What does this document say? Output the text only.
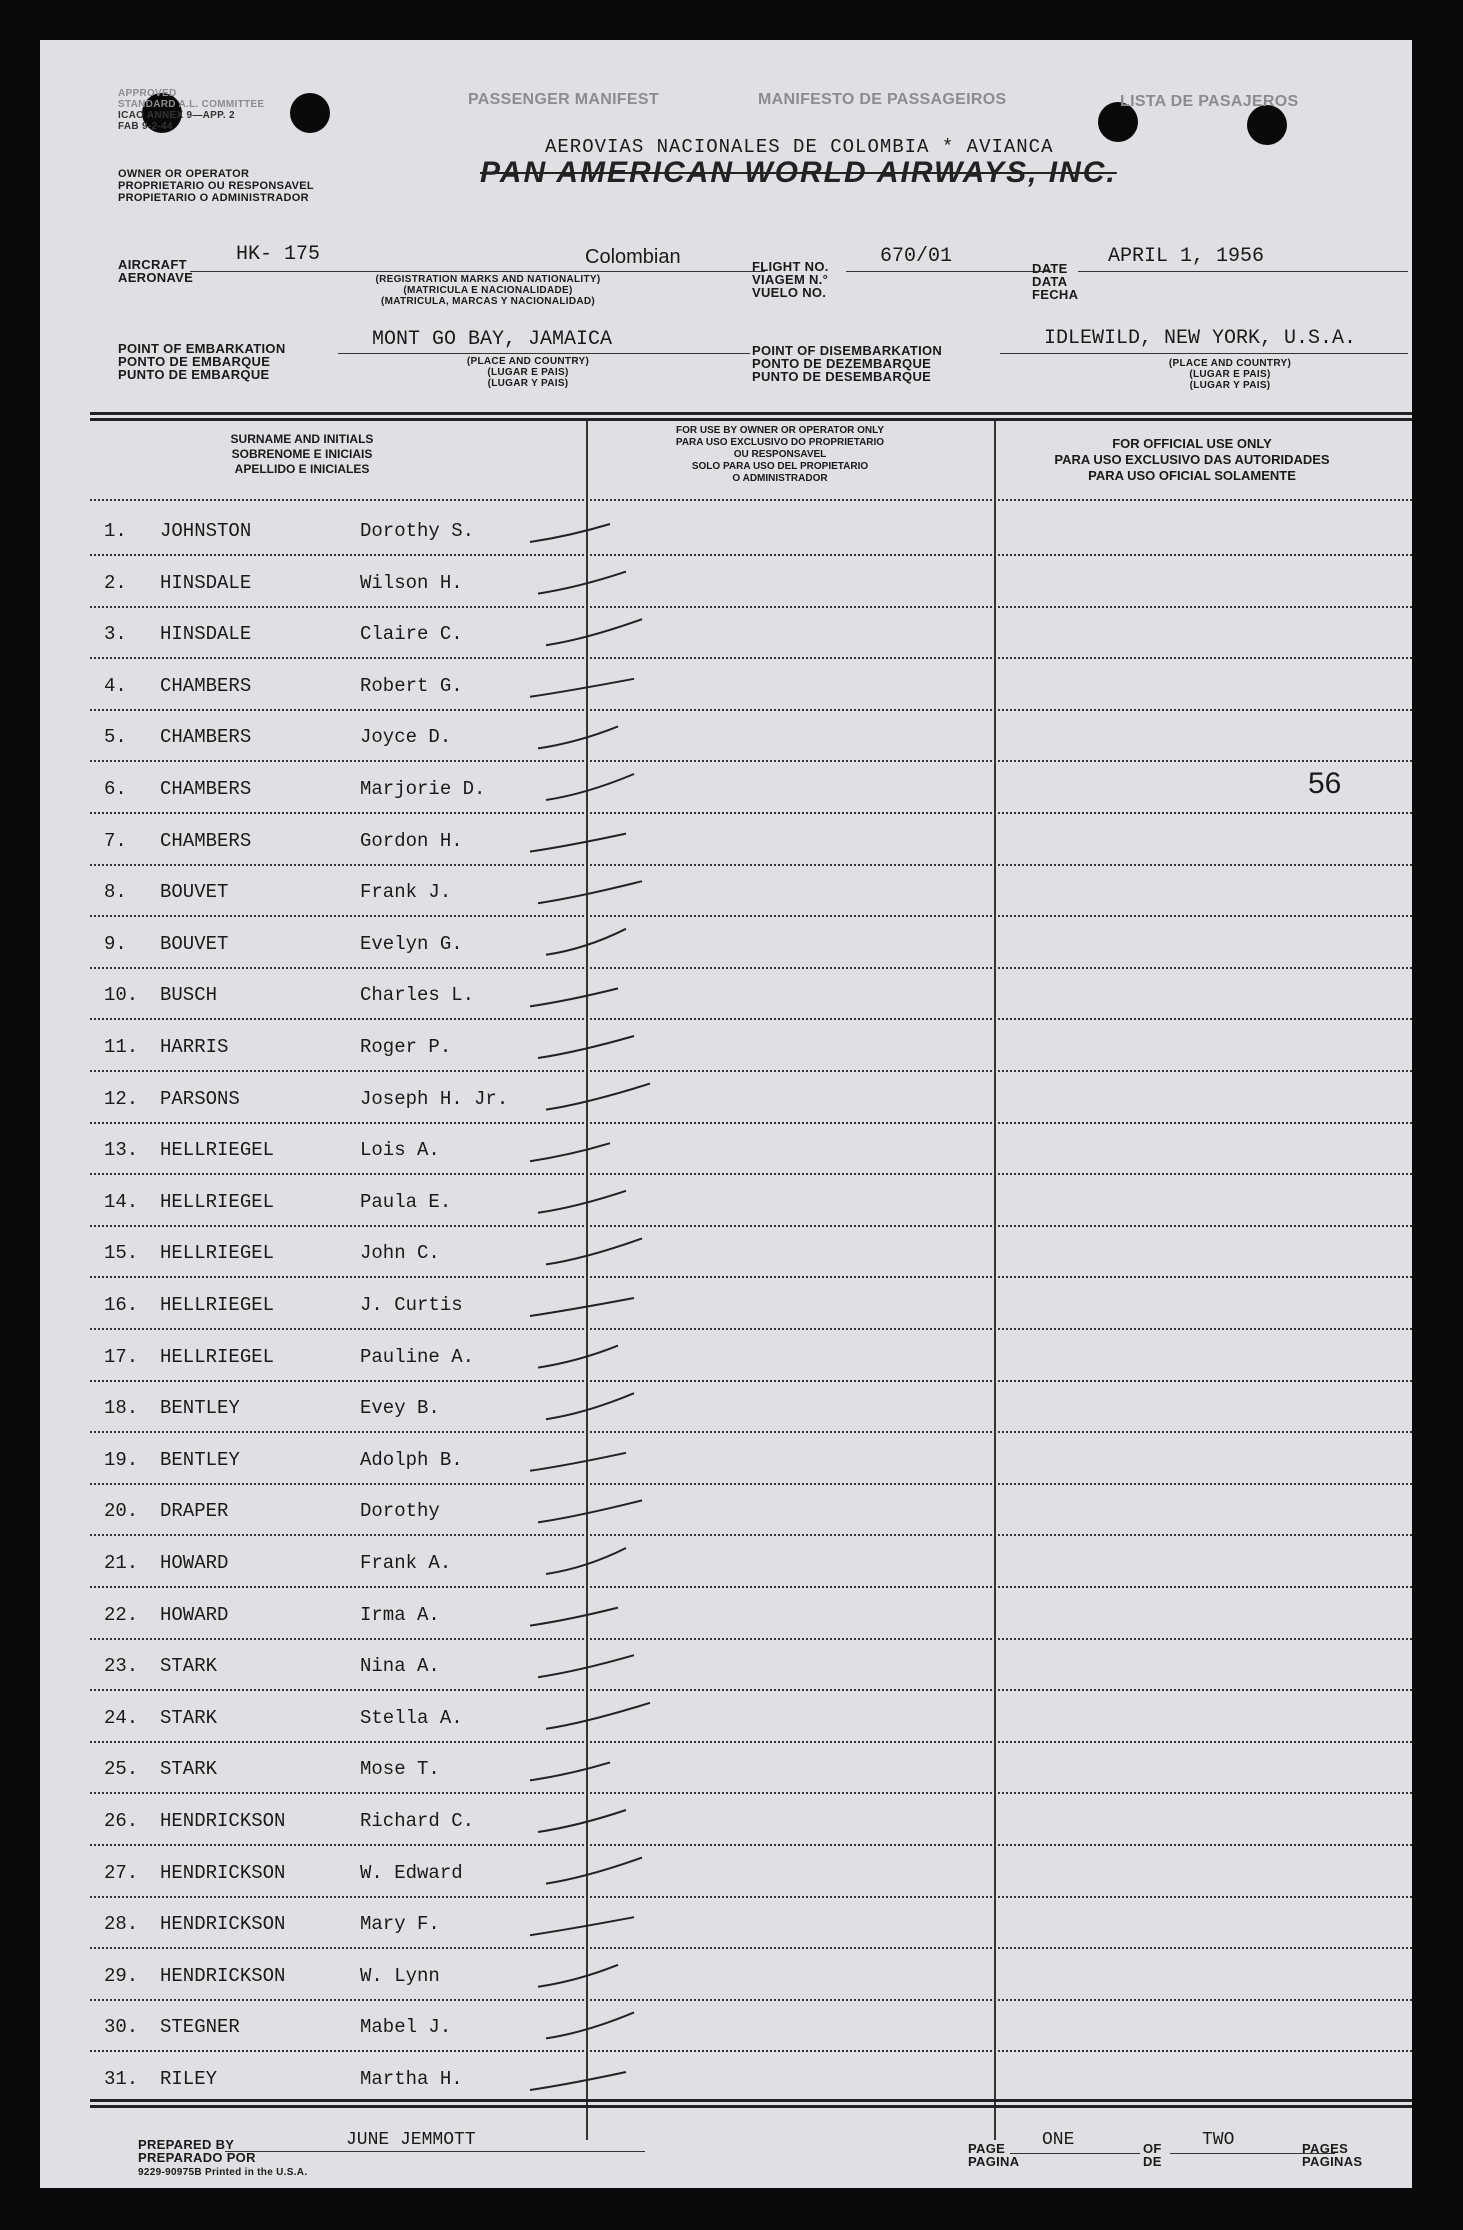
APPROVED
STANDARD A.L. COMMITTEE
ICAO ANNEX 9—APP. 2
FAB 9-2-44
OWNER OR OPERATOR
PROPRIETARIO OU RESPONSAVEL
PROPIETARIO O ADMINISTRADOR
PASSENGER MANIFEST	MANIFESTO DE PASSAGEIROS	LISTA DE PASAJEROS
AEROVIAS NACIONALES DE COLOMBIA * AVIANCA
PAN AMERICAN WORLD AIRWAYS, INC.
AIRCRAFT
AERONAVE
HK- 175	Colombian
(REGISTRATION MARKS AND NATIONALITY)
(MATRICULA E NACIONALIDADE)
(MATRICULA, MARCAS Y NACIONALIDAD)
FLIGHT NO.
VIAGEM N.°
VUELO NO.
670/01
DATE
DATA
FECHA
APRIL 1, 1956
POINT OF EMBARKATION
PONTO DE EMBARQUE
PUNTO DE EMBARQUE
MONT GO BAY, JAMAICA
(PLACE AND COUNTRY)
(LUGAR E PAIS)
(LUGAR Y PAIS)
POINT OF DISEMBARKATION
PONTO DE DEZEMBARQUE
PUNTO DE DESEMBARQUE
IDLEWILD, NEW YORK, U.S.A.
(PLACE AND COUNTRY)
(LUGAR E PAIS)
(LUGAR Y PAIS)
SURNAME AND INITIALS
SOBRENOME E INICIAIS
APELLIDO E INICIALES
FOR USE BY OWNER OR OPERATOR ONLY
PARA USO EXCLUSIVO DO PROPRIETARIO
OU RESPONSAVEL
SOLO PARA USO DEL PROPIETARIO
O ADMINISTRADOR
FOR OFFICIAL USE ONLY
PARA USO EXCLUSIVO DAS AUTORIDADES
PARA USO OFICIAL SOLAMENTE
1. JOHNSTON	Dorothy S.
2. HINSDALE	Wilson H.
3. HINSDALE	Claire C.
4. CHAMBERS	Robert G.
5. CHAMBERS	Joyce D.
6. CHAMBERS	Marjorie D.
7. CHAMBERS	Gordon H.
8. BOUVET	Frank J.
9. BOUVET	Evelyn G.
10. BUSCH	Charles L.
11. HARRIS	Roger P.
12. PARSONS	Joseph H. Jr.
13. HELLRIEGEL	Lois A.
14. HELLRIEGEL	Paula E.
15. HELLRIEGEL	John C.
16. HELLRIEGEL	J. Curtis
17. HELLRIEGEL	Pauline A.
18. BENTLEY	Evey B.
19. BENTLEY	Adolph B.
20. DRAPER	Dorothy
21. HOWARD	Frank A.
22. HOWARD	Irma A.
23. STARK	Nina A.
24. STARK	Stella A.
25. STARK	Mose T.
26. HENDRICKSON	Richard C.
27. HENDRICKSON	W. Edward
28. HENDRICKSON	Mary F.
29. HENDRICKSON	W. Lynn
30. STEGNER	Mabel J.
31. RILEY	Martha H.
56
PREPARED BY
PREPARADO POR
JUNE JEMMOTT
9229-90975B Printed in the U.S.A.
PAGE
PAGINA
ONE	OF
DE
TWO	PAGES
PAGINAS
